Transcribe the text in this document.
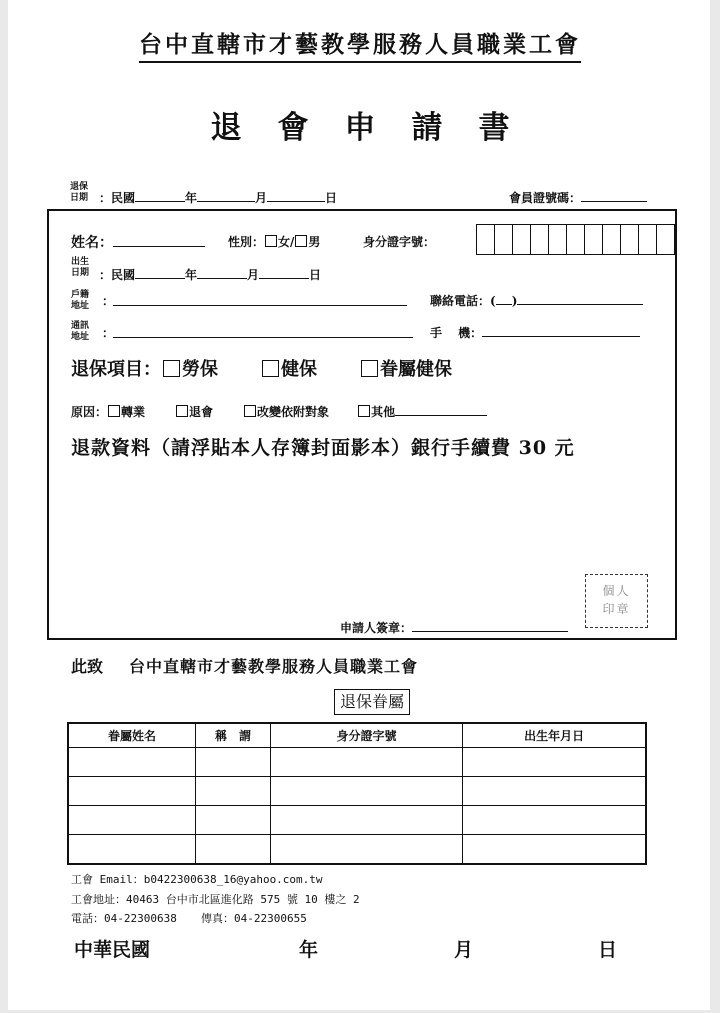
台中直轄市才藝教學服務人員職業工會
退會申請書
退保
日期 ：民國	年	月	日	會員證號碼：
姓名：	性別： 女/ 男	身分證字號：
出生
日期 ：民國	年	月	日
戶籍
地址 ：	聯絡電話：( )
通訊
地址 ：	手　 機：
退保項目： 勞保	健保	眷屬健保
原因： 轉業	退會	改變依附對象	其他
退款資料（請浮貼本人存簿封面影本）銀行手續費 30 元
個人
印章
申請人簽章：
此致 台中直轄市才藝教學服務人員職業工會
退保眷屬
眷屬姓名	稱　謂	身分證字號	出生年月日

工會 Email：b0422300638_16@yahoo.com.tw
工會地址：40463 台中市北區進化路 575 號 10 樓之 2
電話：04-22300638 傳真：04-22300655
中華民國	年	月	日
